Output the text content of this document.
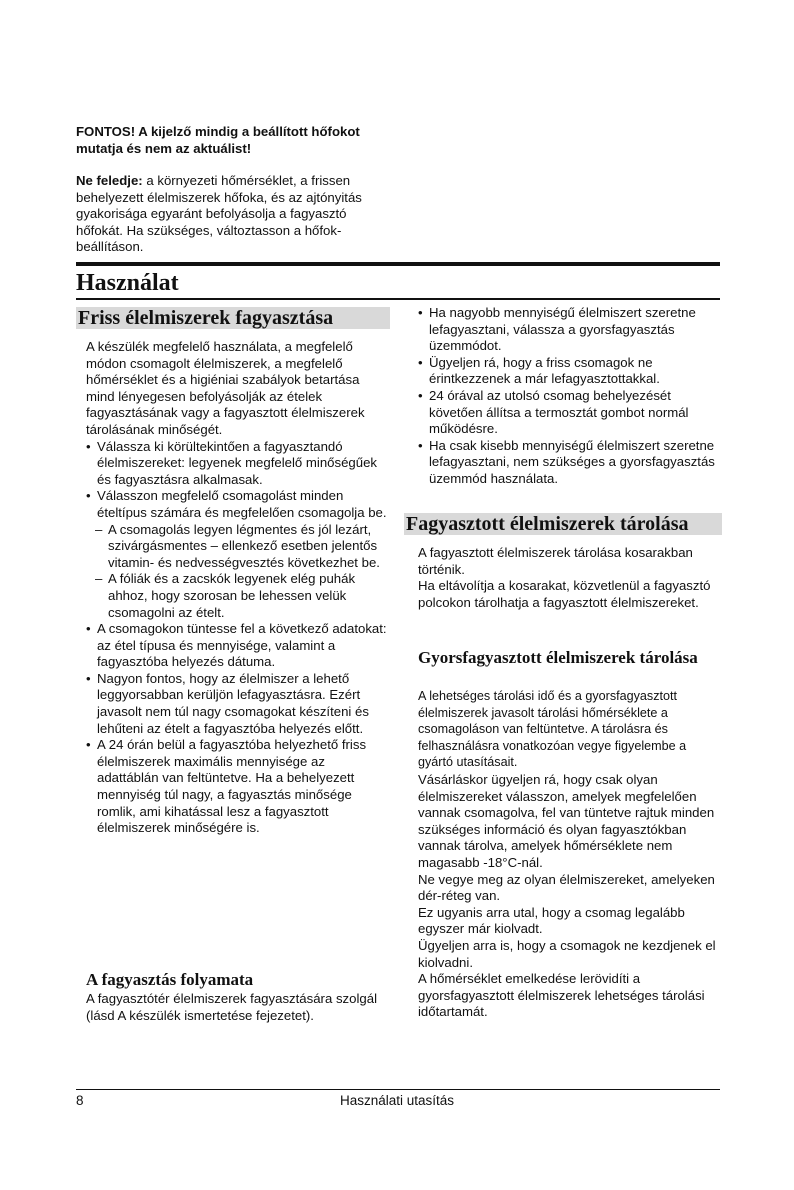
FONTOS! A kijelző mindig a beállított hőfokot mutatja és nem az aktuálist!

Ne feledje: a környezeti hőmérséklet, a frissen behelyezett élelmiszerek hőfoka, és az ajtónyitás gyakorisága egyaránt befolyásolja a fagyasztó hőfokát. Ha szükséges, változtasson a hőfok-beállításon.

Használat
Friss élelmiszerek fagyasztása

A készülék megfelelő használata, a megfelelő módon csomagolt élelmiszerek, a megfelelő hőmérséklet és a higiéniai szabályok betartása mind lényegesen befolyásolják az ételek fagyasztásának vagy a fagyasztott élelmiszerek tárolásának minőségét.

• Válassza ki körültekintően a fagyasztandó élelmiszereket: legyenek megfelelő minőségűek és fagyasztásra alkalmasak.
• Válasszon megfelelő csomagolást minden ételtípus számára és megfelelően csomagolja be.
– A csomagolás legyen légmentes és jól lezárt, szivárgásmentes – ellenkező esetben jelentős vitamin- és nedvességvesztés következhet be.
– A fóliák és a zacskók legyenek elég puhák ahhoz, hogy szorosan be lehessen velük csomagolni az ételt.
• A csomagokon tüntesse fel a következő adatokat: az étel típusa és mennyisége, valamint a fagyasztóba helyezés dátuma.
• Nagyon fontos, hogy az élelmiszer a lehető leggyorsabban kerüljön lefagyasztásra. Ezért javasolt nem túl nagy csomagokat készíteni és lehűteni az ételt a fagyasztóba helyezés előtt.
• A 24 órán belül a fagyasztóba helyezhető friss élelmiszerek maximális mennyisége az adattáblán van feltüntetve. Ha a behelyezett mennyiség túl nagy, a fagyasztás minősége romlik, ami kihatással lesz a fagyasztott élelmiszerek minőségére is.
A fagyasztás folyamata
A fagyasztótér élelmiszerek fagyasztására szolgál (lásd A készülék ismertetése fejezetet).
• Ha nagyobb mennyiségű élelmiszert szeretne lefagyasztani, válassza a gyorsfagyasztás üzemmódot.
• Ügyeljen rá, hogy a friss csomagok ne érintkezzenek a már lefagyasztottakkal.
• 24 órával az utolsó csomag behelyezését követően állítsa a termosztát gombot normál működésre.
• Ha csak kisebb mennyiségű élelmiszert szeretne lefagyasztani, nem szükséges a gyorsfagyasztás üzemmód használata.
Fagyasztott élelmiszerek tárolása

A fagyasztott élelmiszerek tárolása kosarakban történik.

Ha eltávolítja a kosarakat, közvetlenül a fagyasztó polcokon tárolhatja a fagyasztott élelmiszereket.

Gyorsfagyasztott élelmiszerek tárolása
A lehetséges tárolási idő és a gyorsfagyasztott élelmiszerek javasolt tárolási hőmérséklete a csomagoláson van feltüntetve. A tárolásra és felhasználásra vonatkozóan vegye figyelembe a gyártó utasításait.

Vásárláskor ügyeljen rá, hogy csak olyan élelmiszereket válasszon, amelyek megfelelően vannak csomagolva, fel van tüntetve rajtuk minden szükséges információ és olyan fagyasztókban vannak tárolva, amelyek hőmérséklete nem magasabb -18°C-nál.

Ne vegye meg az olyan élelmiszereket, amelyeken dér-réteg van.

Ez ugyanis arra utal, hogy a csomag legalább egyszer már kiolvadt.

Ügyeljen arra is, hogy a csomagok ne kezdjenek el kiolvadni.

A hőmérséklet emelkedése lerövidíti a gyorsfagyasztott élelmiszerek lehetséges tárolási időtartamát.

8	Használati utasítás
